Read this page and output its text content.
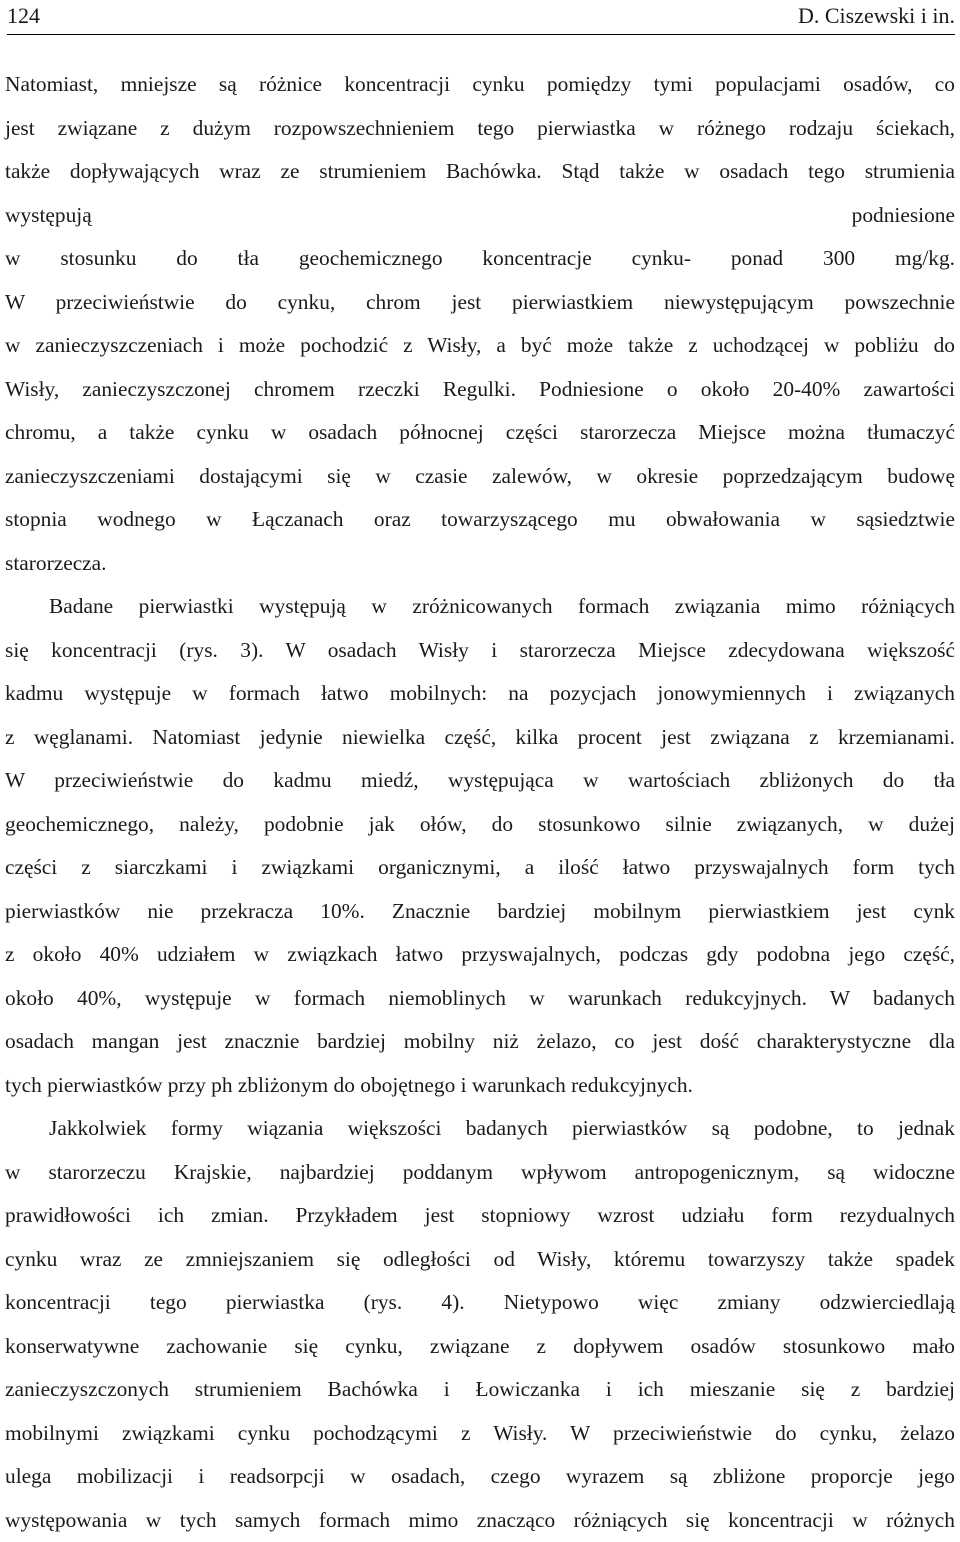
124	D. Ciszewski i in.
Natomiast, mniejsze są różnice koncentracji cynku pomiędzy tymi populacjami osadów, co
jest związane z dużym rozpowszechnieniem tego pierwiastka w różnego rodzaju ściekach,
także dopływających wraz ze strumieniem Bachówka. Stąd także w osadach tego strumienia
występują podniesione
w stosunku do tła geochemicznego koncentracje cynku- ponad 300 mg/kg.
W przeciwieństwie do cynku, chrom jest pierwiastkiem niewystępującym powszechnie
w zanieczyszczeniach i może pochodzić z Wisły, a być może także z uchodzącej w pobliżu do
Wisły, zanieczyszczonej chromem rzeczki Regulki. Podniesione o około 20-40% zawartości
chromu, a także cynku w osadach północnej części starorzecza Miejsce można tłumaczyć
zanieczyszczeniami dostającymi się w czasie zalewów, w okresie poprzedzającym budowę
stopnia wodnego w Łączanach oraz towarzyszącego mu obwałowania w sąsiedztwie
starorzecza.
Badane pierwiastki występują w zróżnicowanych formach związania mimo różniących
się koncentracji (rys. 3). W osadach Wisły i starorzecza Miejsce zdecydowana większość
kadmu występuje w formach łatwo mobilnych: na pozycjach jonowymiennych i związanych
z węglanami. Natomiast jedynie niewielka część, kilka procent jest związana z krzemianami.
W przeciwieństwie do kadmu miedź, występująca w wartościach zbliżonych do tła
geochemicznego, należy, podobnie jak ołów, do stosunkowo silnie związanych, w dużej
części z siarczkami i związkami organicznymi, a ilość łatwo przyswajalnych form tych
pierwiastków nie przekracza 10%. Znacznie bardziej mobilnym pierwiastkiem jest cynk
z około 40% udziałem w związkach łatwo przyswajalnych, podczas gdy podobna jego część,
około 40%, występuje w formach niemoblinych w warunkach redukcyjnych. W badanych
osadach mangan jest znacznie bardziej mobilny niż żelazo, co jest dość charakterystyczne dla
tych pierwiastków przy ph zbliżonym do obojętnego i warunkach redukcyjnych.
Jakkolwiek formy wiązania większości badanych pierwiastków są podobne, to jednak
w starorzeczu Krajskie, najbardziej poddanym wpływom antropogenicznym, są widoczne
prawidłowości ich zmian. Przykładem jest stopniowy wzrost udziału form rezydualnych
cynku wraz ze zmniejszaniem się odległości od Wisły, któremu towarzyszy także spadek
koncentracji tego pierwiastka (rys. 4). Nietypowo więc zmiany odzwierciedlają
konserwatywne zachowanie się cynku, związane z dopływem osadów stosunkowo mało
zanieczyszczonych strumieniem Bachówka i Łowiczanka i ich mieszanie się z bardziej
mobilnymi związkami cynku pochodzącymi z Wisły. W przeciwieństwie do cynku, żelazo
ulega mobilizacji i readsorpcji w osadach, czego wyrazem są zbliżone proporcje jego
występowania w tych samych formach mimo znacząco różniących się koncentracji w różnych
